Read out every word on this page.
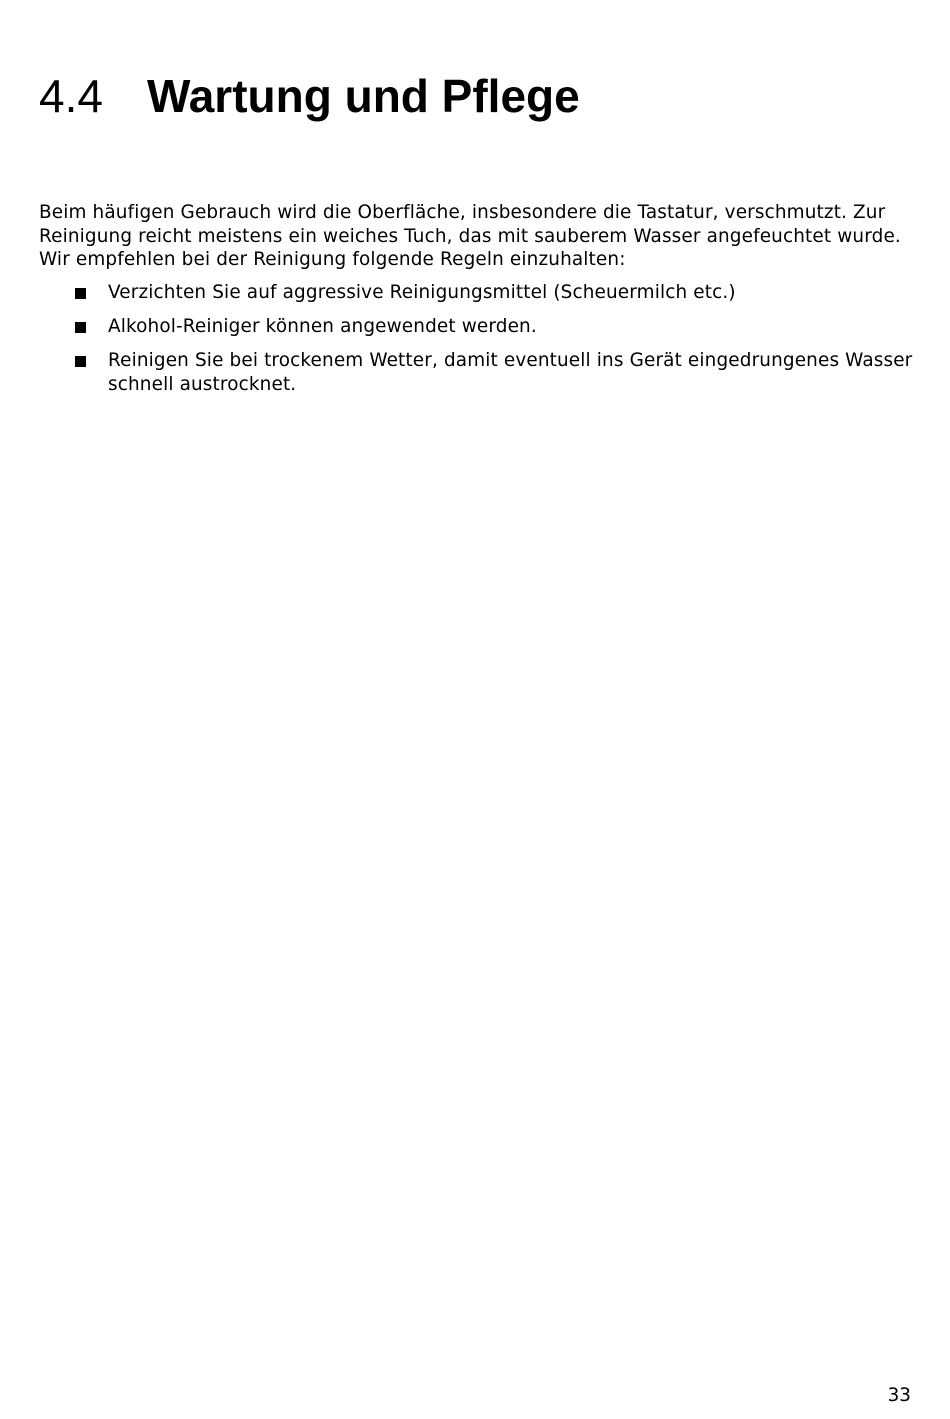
4.4 Wartung und Pflege

Beim häufigen Gebrauch wird die Oberfläche, insbesondere die Tastatur, verschmutzt. Zur Reinigung reicht meistens ein weiches Tuch, das mit sauberem Wasser angefeuchtet wurde. Wir empfehlen bei der Reinigung folgende Regeln einzuhalten:

Verzichten Sie auf aggressive Reinigungsmittel (Scheuermilch etc.)
Alkohol-Reiniger können angewendet werden.
Reinigen Sie bei trockenem Wetter, damit eventuell ins Gerät eingedrungenes Wasser schnell austrocknet.
33
